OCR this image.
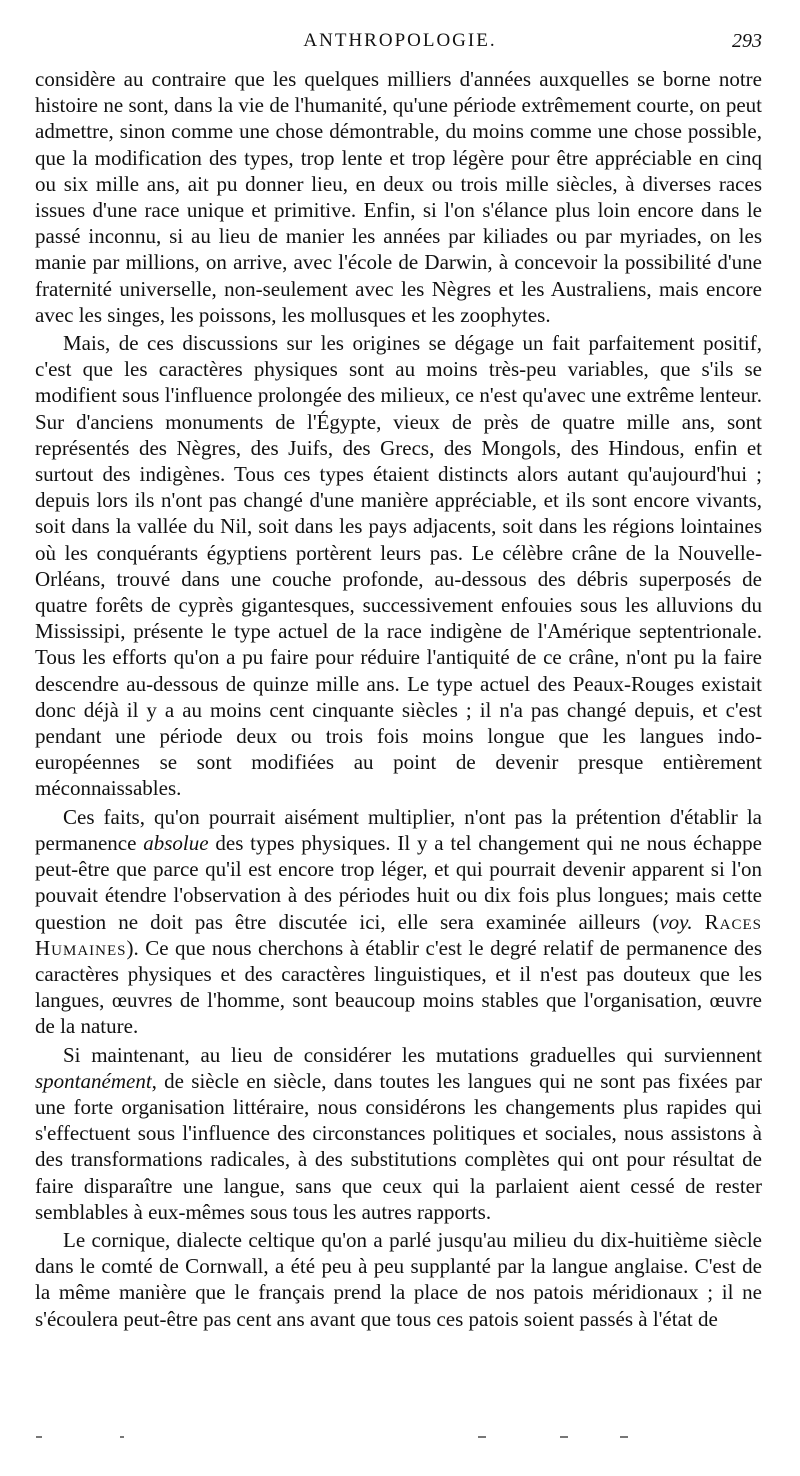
ANTHROPOLOGIE.	293

considère au contraire que les quelques milliers d'années auxquelles se borne notre histoire ne sont, dans la vie de l'humanité, qu'une période extrêmement courte, on peut admettre, sinon comme une chose démontrable, du moins comme une chose possible, que la modification des types, trop lente et trop légère pour être appréciable en cinq ou six mille ans, ait pu donner lieu, en deux ou trois mille siècles, à diverses races issues d'une race unique et primitive. Enfin, si l'on s'élance plus loin encore dans le passé inconnu, si au lieu de manier les années par kiliades ou par myriades, on les manie par millions, on arrive, avec l'école de Darwin, à concevoir la possibilité d'une fraternité universelle, non-seulement avec les Nègres et les Australiens, mais encore avec les singes, les poissons, les mollusques et les zoophytes.

Mais, de ces discussions sur les origines se dégage un fait parfaitement positif, c'est que les caractères physiques sont au moins très-peu variables, que s'ils se modifient sous l'influence prolongée des milieux, ce n'est qu'avec une extrême lenteur. Sur d'anciens monuments de l'Égypte, vieux de près de quatre mille ans, sont représentés des Nègres, des Juifs, des Grecs, des Mongols, des Hindous, enfin et surtout des indigènes. Tous ces types étaient distincts alors autant qu'aujourd'hui ; depuis lors ils n'ont pas changé d'une manière appréciable, et ils sont encore vivants, soit dans la vallée du Nil, soit dans les pays adjacents, soit dans les régions lointaines où les conquérants égyptiens portèrent leurs pas. Le célèbre crâne de la Nouvelle-Orléans, trouvé dans une couche profonde, au-dessous des débris superposés de quatre forêts de cyprès gigantesques, successivement enfouies sous les alluvions du Mississipi, présente le type actuel de la race indigène de l'Amérique septentrionale. Tous les efforts qu'on a pu faire pour réduire l'antiquité de ce crâne, n'ont pu la faire descendre au-dessous de quinze mille ans. Le type actuel des Peaux-Rouges existait donc déjà il y a au moins cent cinquante siècles ; il n'a pas changé depuis, et c'est pendant une période deux ou trois fois moins longue que les langues indo-européennes se sont modifiées au point de devenir presque entièrement méconnaissables.

Ces faits, qu'on pourrait aisément multiplier, n'ont pas la prétention d'établir la permanence absolue des types physiques. Il y a tel changement qui ne nous échappe peut-être que parce qu'il est encore trop léger, et qui pourrait devenir apparent si l'on pouvait étendre l'observation à des périodes huit ou dix fois plus longues; mais cette question ne doit pas être discutée ici, elle sera examinée ailleurs (voy. Races Humaines). Ce que nous cherchons à établir c'est le degré relatif de permanence des caractères physiques et des caractères linguistiques, et il n'est pas douteux que les langues, œuvres de l'homme, sont beaucoup moins stables que l'organisation, œuvre de la nature.

Si maintenant, au lieu de considérer les mutations graduelles qui surviennent spontanément, de siècle en siècle, dans toutes les langues qui ne sont pas fixées par une forte organisation littéraire, nous considérons les changements plus rapides qui s'effectuent sous l'influence des circonstances politiques et sociales, nous assistons à des transformations radicales, à des substitutions complètes qui ont pour résultat de faire disparaître une langue, sans que ceux qui la parlaient aient cessé de rester semblables à eux-mêmes sous tous les autres rapports.

Le cornique, dialecte celtique qu'on a parlé jusqu'au milieu du dix-huitième siècle dans le comté de Cornwall, a été peu à peu supplanté par la langue anglaise. C'est de la même manière que le français prend la place de nos patois méridionaux ; il ne s'écoulera peut-être pas cent ans avant que tous ces patois soient passés à l'état de
